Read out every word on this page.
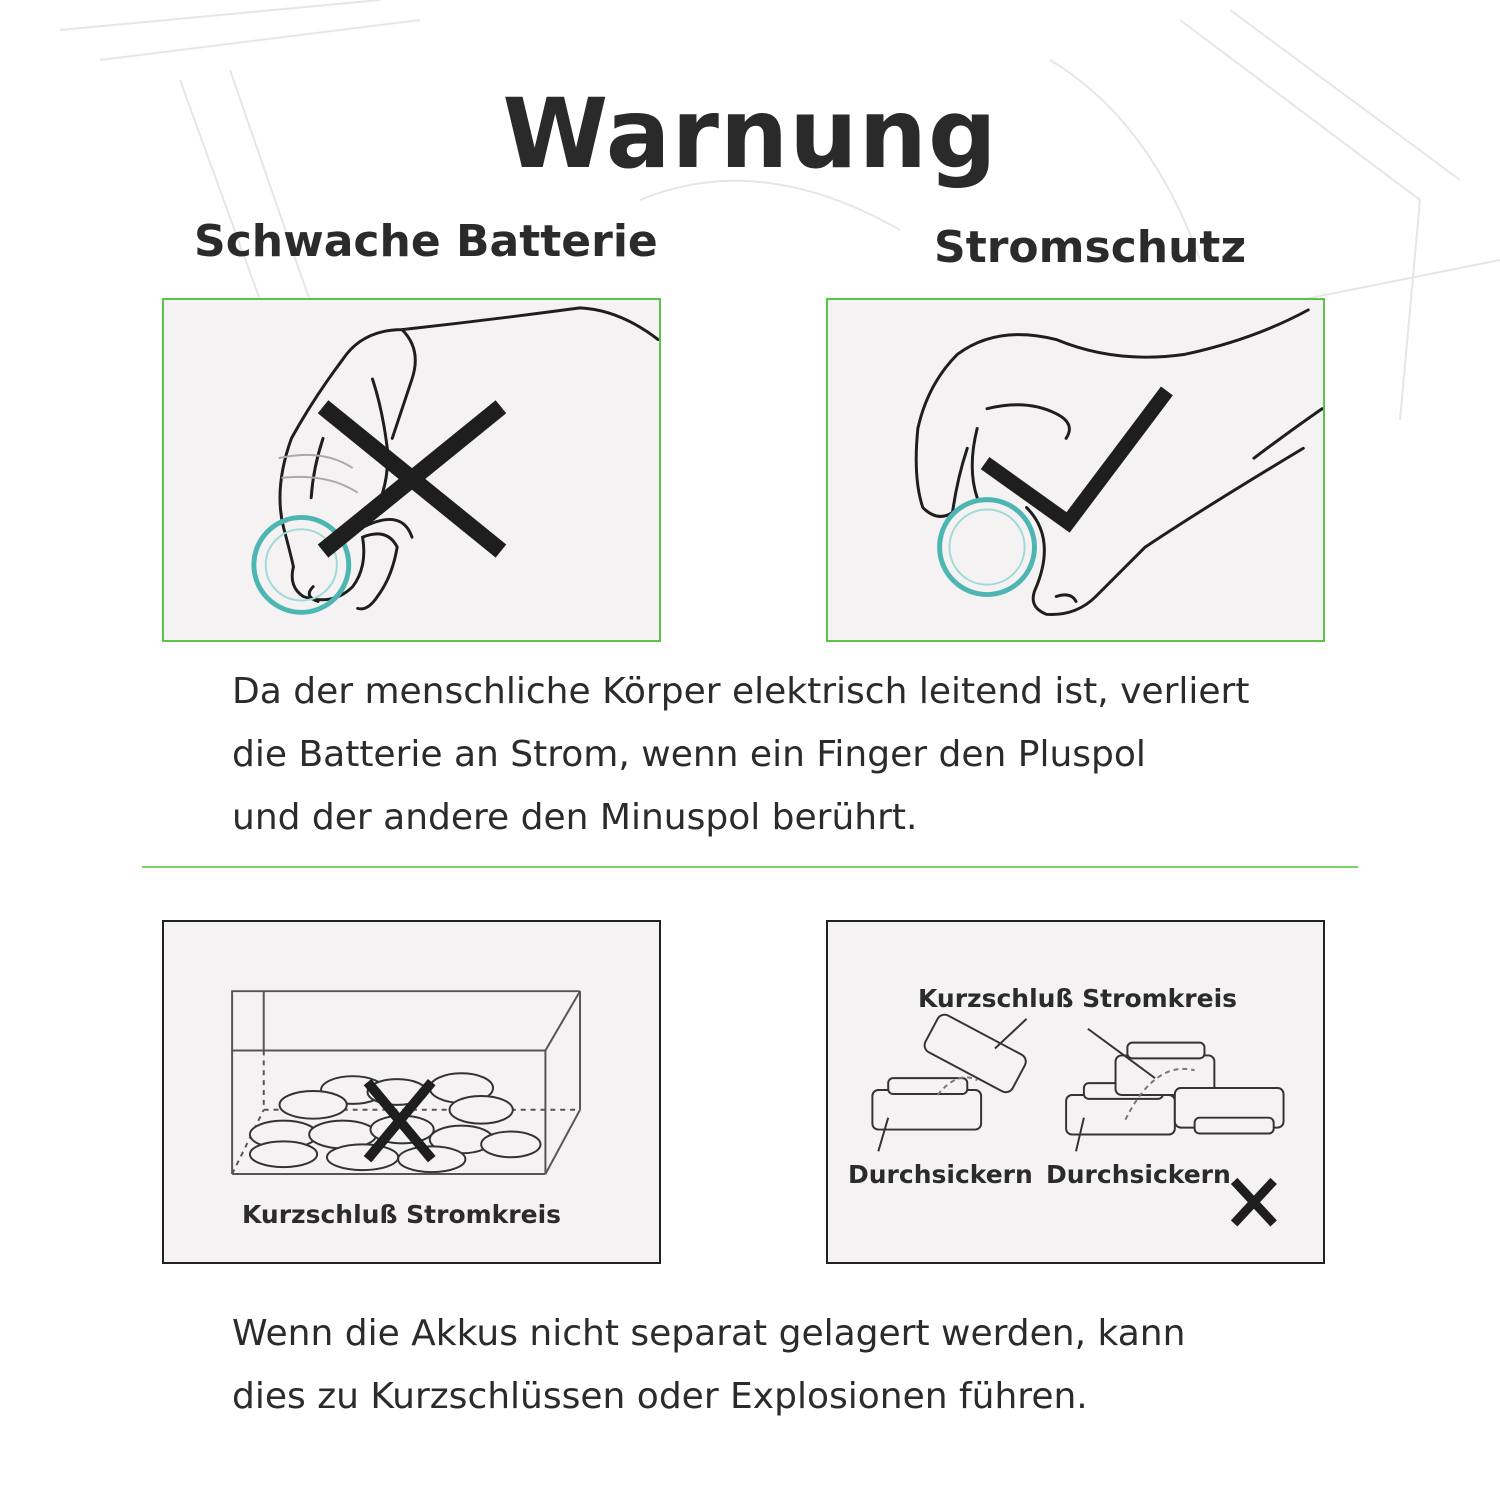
Warnung
Schwache Batterie	Stromschutz
Da der menschliche Körper elektrisch leitend ist, verliert
die Batterie an Strom, wenn ein Finger den Pluspol
und der andere den Minuspol berührt.
Kurzschluß Stromkreis
Kurzschluß Stromkreis
Durchsickern Durchsickern
Wenn die Akkus nicht separat gelagert werden, kann
dies zu Kurzschlüssen oder Explosionen führen.
